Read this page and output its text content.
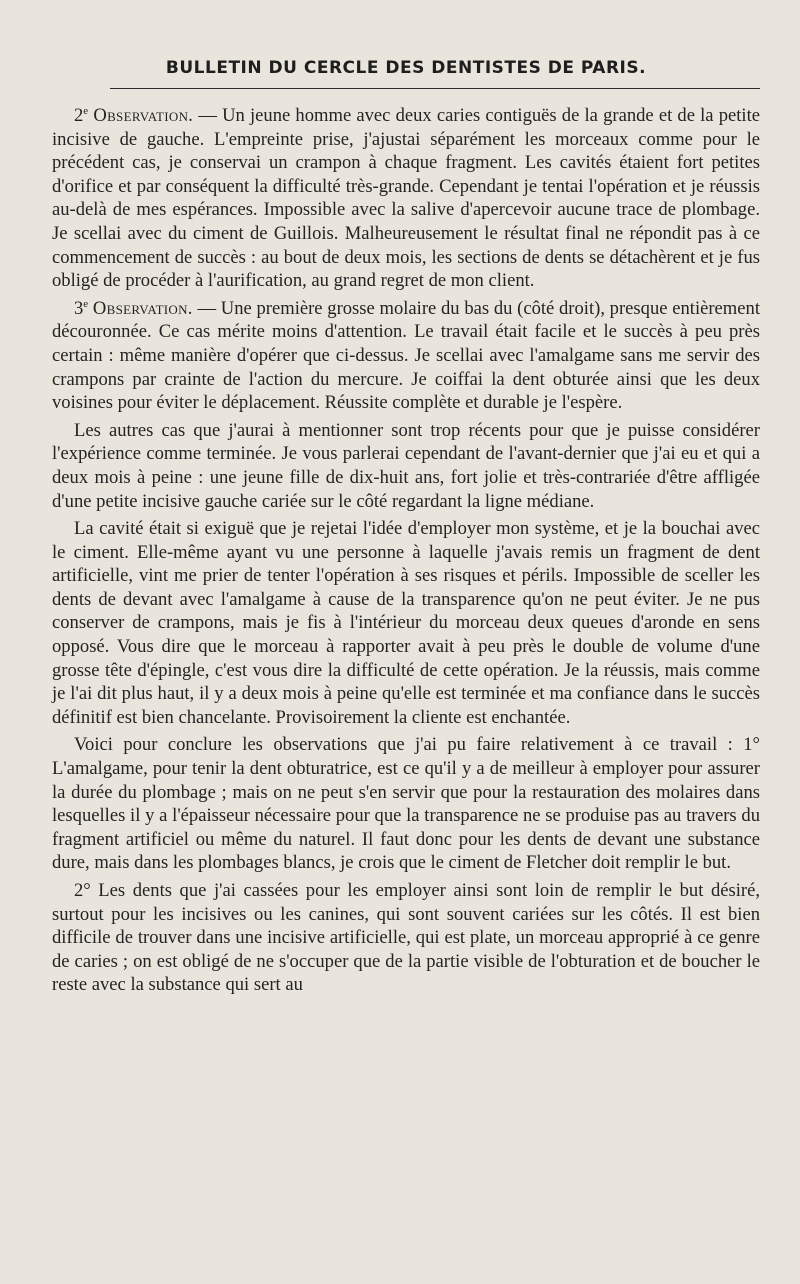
BULLETIN DU CERCLE DES DENTISTES DE PARIS.

2e Observation. — Un jeune homme avec deux caries contiguës de la grande et de la petite incisive de gauche. L'empreinte prise, j'ajustai séparément les morceaux comme pour le précédent cas, je conservai un crampon à chaque fragment. Les cavités étaient fort petites d'orifice et par conséquent la difficulté très-grande. Cependant je tentai l'opération et je réussis au-delà de mes espérances. Impossible avec la salive d'apercevoir aucune trace de plombage. Je scellai avec du ciment de Guillois. Malheureusement le résultat final ne répondit pas à ce commencement de succès : au bout de deux mois, les sections de dents se détachèrent et je fus obligé de procéder à l'aurification, au grand regret de mon client.

3e Observation. — Une première grosse molaire du bas du (côté droit), presque entièrement découronnée. Ce cas mérite moins d'attention. Le travail était facile et le succès à peu près certain : même manière d'opérer que ci-dessus. Je scellai avec l'amalgame sans me servir des crampons par crainte de l'action du mercure. Je coiffai la dent obturée ainsi que les deux voisines pour éviter le déplacement. Réussite complète et durable je l'espère.

Les autres cas que j'aurai à mentionner sont trop récents pour que je puisse considérer l'expérience comme terminée. Je vous parlerai cependant de l'avant-dernier que j'ai eu et qui a deux mois à peine : une jeune fille de dix-huit ans, fort jolie et très-contrariée d'être affligée d'une petite incisive gauche cariée sur le côté regardant la ligne médiane.

La cavité était si exiguë que je rejetai l'idée d'employer mon système, et je la bouchai avec le ciment. Elle-même ayant vu une personne à laquelle j'avais remis un fragment de dent artificielle, vint me prier de tenter l'opération à ses risques et périls. Impossible de sceller les dents de devant avec l'amalgame à cause de la transparence qu'on ne peut éviter. Je ne pus conserver de crampons, mais je fis à l'intérieur du morceau deux queues d'aronde en sens opposé. Vous dire que le morceau à rapporter avait à peu près le double de volume d'une grosse tête d'épingle, c'est vous dire la difficulté de cette opération. Je la réussis, mais comme je l'ai dit plus haut, il y a deux mois à peine qu'elle est terminée et ma confiance dans le succès définitif est bien chancelante. Provisoirement la cliente est enchantée.

Voici pour conclure les observations que j'ai pu faire relativement à ce travail : 1° L'amalgame, pour tenir la dent obturatrice, est ce qu'il y a de meilleur à employer pour assurer la durée du plombage ; mais on ne peut s'en servir que pour la restauration des molaires dans lesquelles il y a l'épaisseur nécessaire pour que la transparence ne se produise pas au travers du fragment artificiel ou même du naturel. Il faut donc pour les dents de devant une substance dure, mais dans les plombages blancs, je crois que le ciment de Fletcher doit remplir le but.

2° Les dents que j'ai cassées pour les employer ainsi sont loin de remplir le but désiré, surtout pour les incisives ou les canines, qui sont souvent cariées sur les côtés. Il est bien difficile de trouver dans une incisive artificielle, qui est plate, un morceau approprié à ce genre de caries ; on est obligé de ne s'occuper que de la partie visible de l'obturation et de boucher le reste avec la substance qui sert au
